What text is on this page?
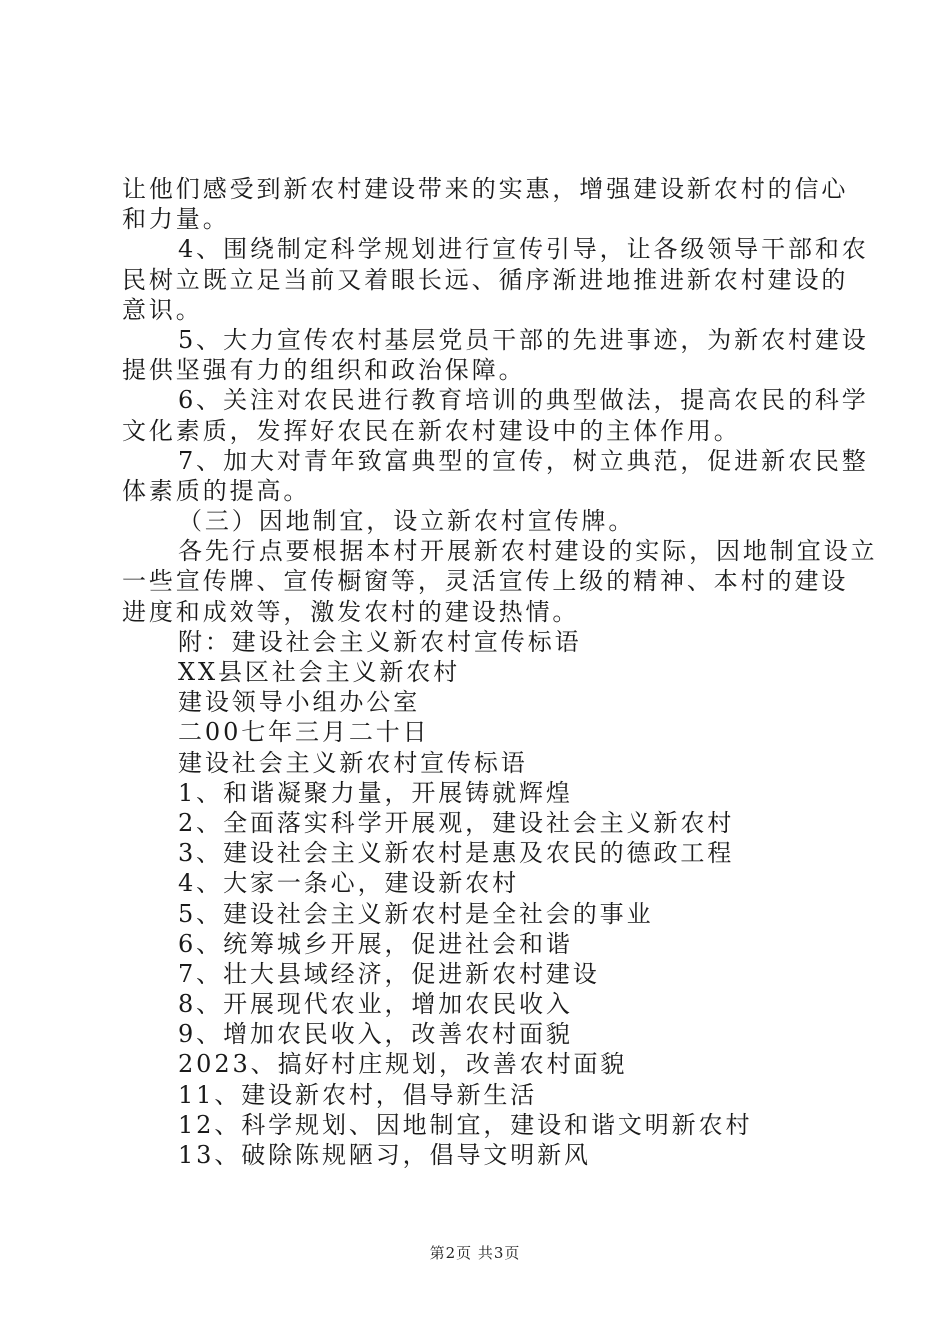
让他们感受到新农村建设带来的实惠，增强建设新农村的信心
和力量。
4、围绕制定科学规划进行宣传引导，让各级领导干部和农
民树立既立足当前又着眼长远、循序渐进地推进新农村建设的
意识。
5、大力宣传农村基层党员干部的先进事迹，为新农村建设
提供坚强有力的组织和政治保障。
6、关注对农民进行教育培训的典型做法，提高农民的科学
文化素质，发挥好农民在新农村建设中的主体作用。
7、加大对青年致富典型的宣传，树立典范，促进新农民整
体素质的提高。
（三）因地制宜，设立新农村宣传牌。
各先行点要根据本村开展新农村建设的实际，因地制宜设立
一些宣传牌、宣传橱窗等，灵活宣传上级的精神、本村的建设
进度和成效等，激发农村的建设热情。
附：建设社会主义新农村宣传标语
XX县区社会主义新农村
建设领导小组办公室
二00七年三月二十日
建设社会主义新农村宣传标语
1、和谐凝聚力量，开展铸就辉煌
2、全面落实科学开展观，建设社会主义新农村
3、建设社会主义新农村是惠及农民的德政工程
4、大家一条心，建设新农村
5、建设社会主义新农村是全社会的事业
6、统筹城乡开展，促进社会和谐
7、壮大县域经济，促进新农村建设
8、开展现代农业，增加农民收入
9、增加农民收入，改善农村面貌
2023、搞好村庄规划，改善农村面貌
11、建设新农村，倡导新生活
12、科学规划、因地制宜，建设和谐文明新农村
13、破除陈规陋习，倡导文明新风
第2页 共3页
